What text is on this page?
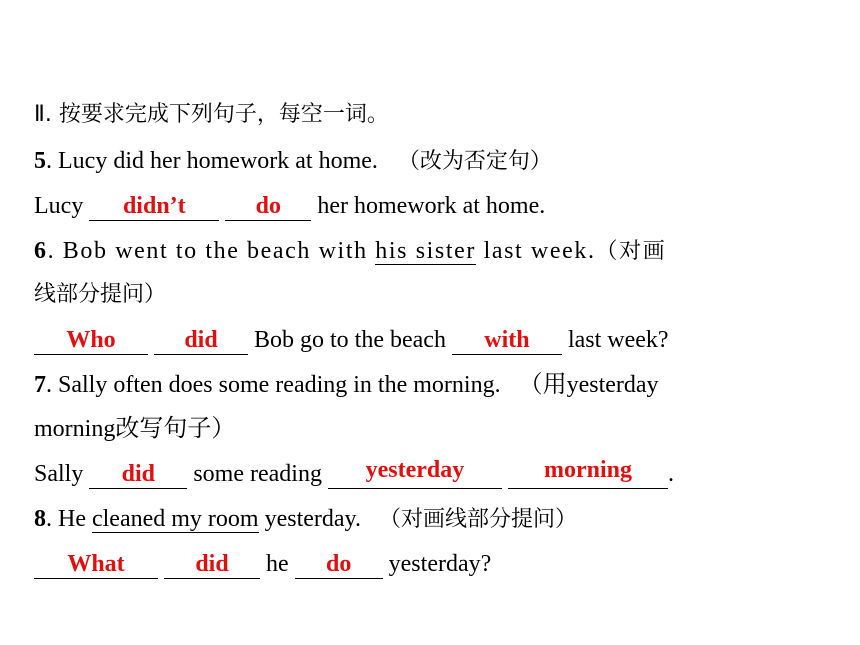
Ⅱ. 按要求完成下列句子，每空一词。
5. Lucy did her homework at home. （改为否定句）
Lucy didn’t	do her homework at home.
6. Bob went to the beach with his sister last week.（对画
线部分提问）
Who	did Bob go to the beach with last week?
7. Sally often does some reading in the morning. （用yesterday
morning改写句子）
Sally did some reading yesterday	morning .
8. He cleaned my room yesterday. （对画线部分提问）
What	did he do yesterday?
